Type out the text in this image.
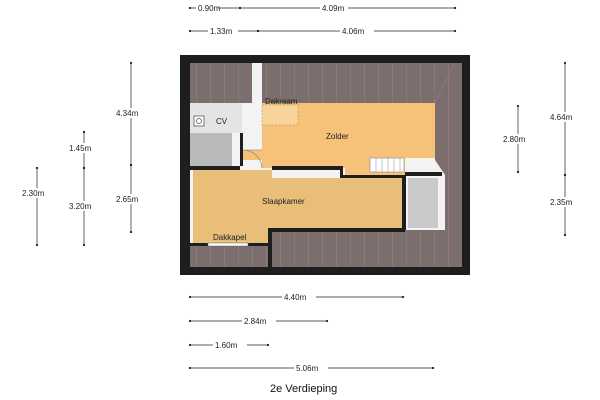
Dakraam
CV
Zolder
Slaapkamer
Dakkapel
0.90m	4.09m
1.33m	4.06m
4.34m
2.65m
1.45m
3.20m
2.30m
2.80m
4.64m
2.35m
4.40m
2.84m
1.60m
5.06m
2e Verdieping
